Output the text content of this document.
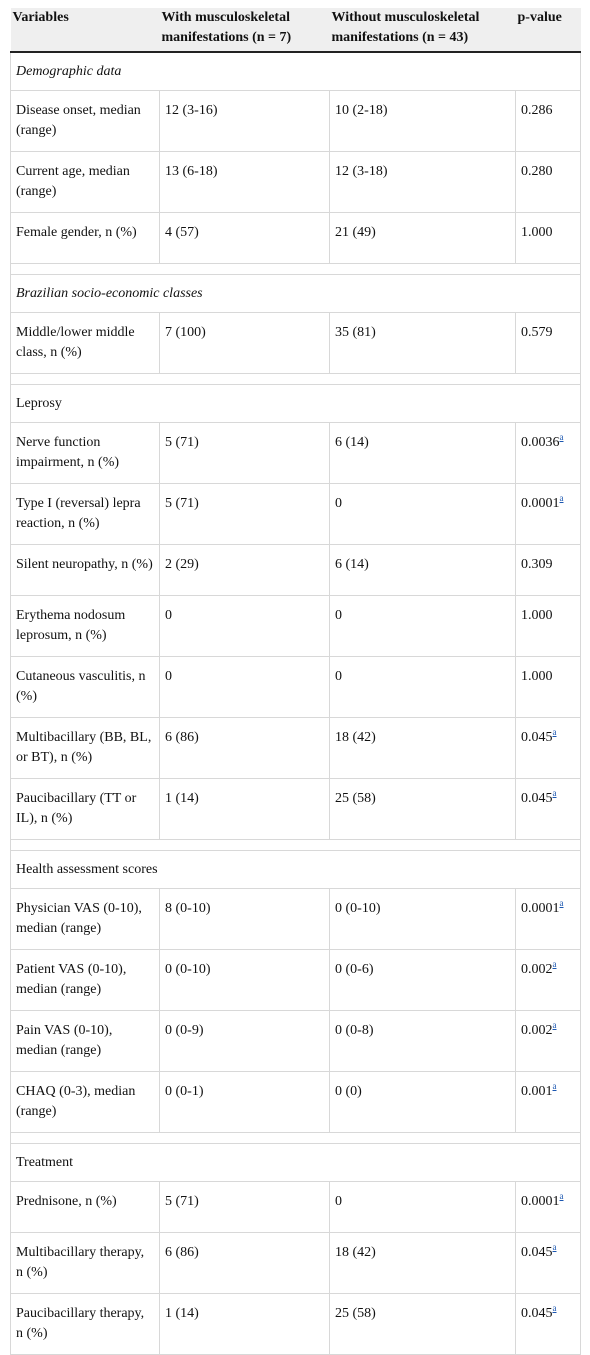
Variables	With musculoskeletal manifestations (n = 7)	Without musculoskeletal manifestations (n = 43)	p-value
Demographic data			
Disease onset, median (range)	12 (3-16)	10 (2-18)	0.286
Current age, median (range)	13 (6-18)	12 (3-18)	0.280
Female gender, n (%)	4 (57)	21 (49)	1.000

Brazilian socio-economic classes			
Middle/lower middle class, n (%)	7 (100)	35 (81)	0.579

Leprosy			
Nerve function impairment, n (%)	5 (71)	6 (14)	0.0036$^a$
Type I (reversal) lepra reaction, n (%)	5 (71)	0	0.0001$^a$
Silent neuropathy, n (%)	2 (29)	6 (14)	0.309
Erythema nodosum leprosum, n (%)	0	0	1.000
Cutaneous vasculitis, n (%)	0	0	1.000
Multibacillary (BB, BL, or BT), n (%)	6 (86)	18 (42)	0.045$^a$
Paucibacillary (TT or IL), n (%)	1 (14)	25 (58)	0.045$^a$

Health assessment scores			
Physician VAS (0-10), median (range)	8 (0-10)	0 (0-10)	0.0001$^a$
Patient VAS (0-10), median (range)	0 (0-10)	0 (0-6)	0.002$^a$
Pain VAS (0-10), median (range)	0 (0-9)	0 (0-8)	0.002$^a$
CHAQ (0-3), median (range)	0 (0-1)	0 (0)	0.001$^a$

Treatment			
Prednisone, n (%)	5 (71)	0	0.0001$^a$
Multibacillary therapy, n (%)	6 (86)	18 (42)	0.045$^a$
Paucibacillary therapy, n (%)	1 (14)	25 (58)	0.045$^a$
